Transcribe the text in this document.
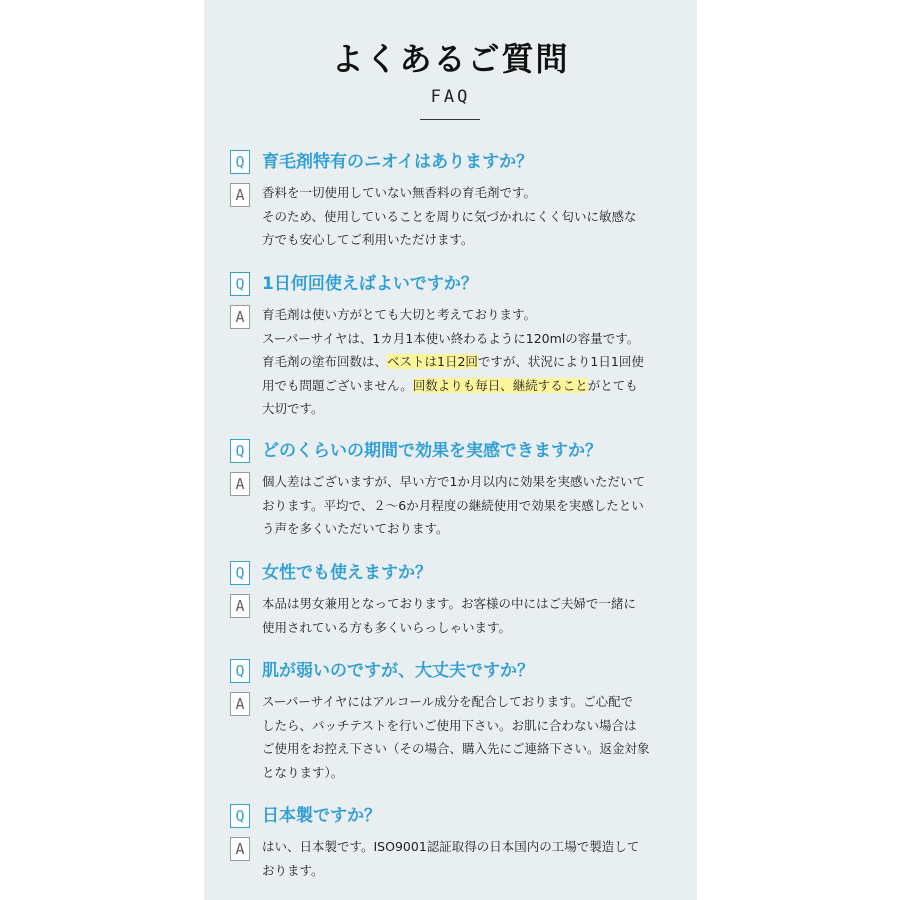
よくあるご質問
FAQ
Q	育毛剤特有のニオイはありますか？
A	香料を一切使用していない無香料の育毛剤です。
そのため、使用していることを周りに気づかれにくく匂いに敏感な
方でも安心してご利用いただけます。
Q	1日何回使えばよいですか？
A	育毛剤は使い方がとても大切と考えております。
スーパーサイヤは、1カ月1本使い終わるように120mlの容量です。
育毛剤の塗布回数は、ベストは1日2回ですが、状況により1日1回使
用でも問題ございません。回数よりも毎日、継続することがとても
大切です。
Q	どのくらいの期間で効果を実感できますか？
A	個人差はございますが、早い方で1か月以内に効果を実感いただいて
おります。平均で、２〜6か月程度の継続使用で効果を実感したとい
う声を多くいただいております。
Q	女性でも使えますか？
A	本品は男女兼用となっております。お客様の中にはご夫婦で一緒に
使用されている方も多くいらっしゃいます。
Q	肌が弱いのですが、大丈夫ですか？
A	スーパーサイヤにはアルコール成分を配合しております。ご心配で
したら、パッチテストを行いご使用下さい。お肌に合わない場合は
ご使用をお控え下さい（その場合、購入先にご連絡下さい。返金対象
となります）。
Q	日本製ですか？
A	はい、日本製です。ISO9001認証取得の日本国内の工場で製造して
おります。
